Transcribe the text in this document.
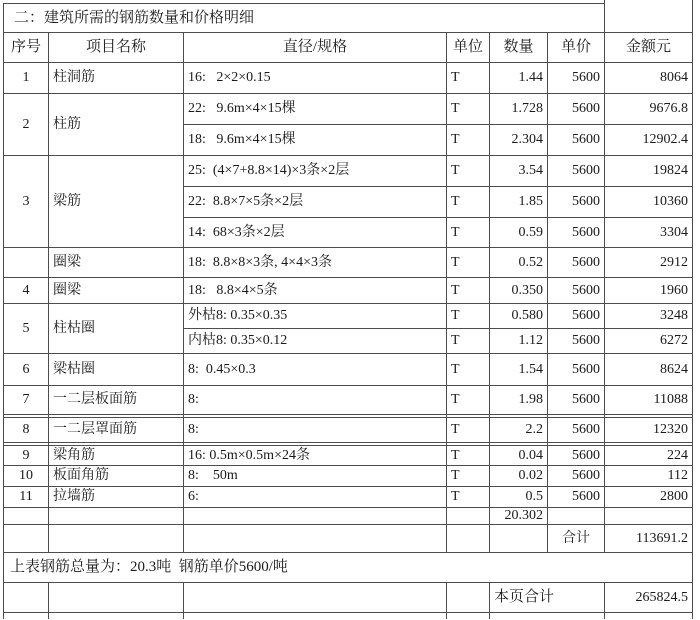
二：建筑所需的钢筋数量和价格明细						
序号	项目名称	直径/规格	单位	数量	单价	金额元
1	柱洞筋	16:   2×2×0.15	T	1.44	5600	8064
2	柱筋	22:   9.6m×4×15棵	T	1.728	5600	9676.8
		18:   9.6m×4×15棵	T	2.304	5600	12902.4
3	梁筋	25:  (4×7+8.8×14)×3条×2层	T	3.54	5600	19824
		22:  8.8×7×5条×2层	T	1.85	5600	10360
		14:  68×3条×2层	T	0.59	5600	3304
	圈梁	18:  8.8×8×3条, 4×4×3条	T	0.52	5600	2912
4	圈梁	18:   8.8×4×5条	T	0.350	5600	1960
5	柱枯圈	外枯8: 0.35×0.35	T	0.580	5600	3248
		内枯8: 0.35×0.12	T	1.12	5600	6272
6	梁枯圈	8:  0.45×0.3	T	1.54	5600	8624
7	一二层板面筋	8:	T	1.98	5600	11088

8	一二层罩面筋	8:	T	2.2	5600	12320

9	梁角筋	16: 0.5m×0.5m×24条	T	0.04	5600	224
10	板面角筋	8:    50m	T	0.02	5600	112
11	拉墙筋	6:	T	0.5	5600	2800
				20.302		
					合计	113691.2
上表钢筋总量为：20.3吨  钢筋单价5600/吨						
				本页合计		265824.5
